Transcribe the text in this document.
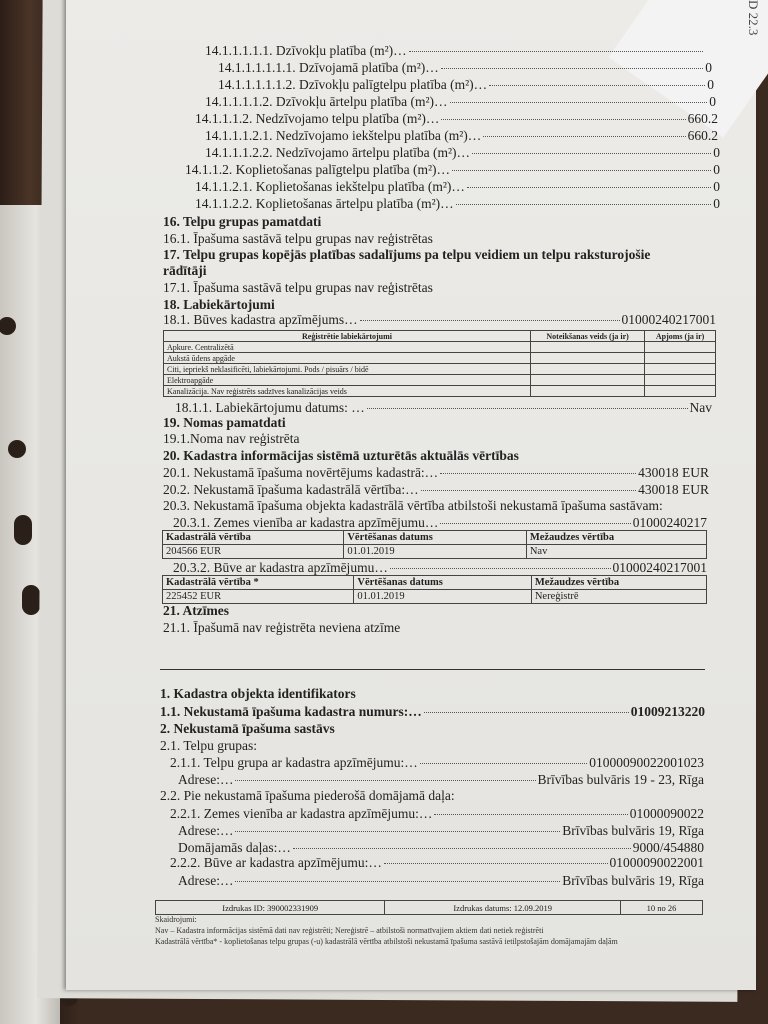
D 22.3
14.1.1.1.1.1. Dzīvokļu platība (m²)…
14.1.1.1.1.1.1. Dzīvojamā platība (m²)…	0
14.1.1.1.1.1.2. Dzīvokļu palīgtelpu platība (m²)…	0
14.1.1.1.1.2. Dzīvokļu ārtelpu platība (m²)…	0
14.1.1.1.2. Nedzīvojamo telpu platība (m²)…	660.2
14.1.1.1.2.1. Nedzīvojamo iekštelpu platība (m²)…	660.2
14.1.1.1.2.2. Nedzīvojamo ārtelpu platība (m²)…	0
14.1.1.2. Koplietošanas palīgtelpu platība (m²)…	0
14.1.1.2.1. Koplietošanas iekštelpu platība (m²)…	0
14.1.1.2.2. Koplietošanas ārtelpu platība (m²)…	0
16. Telpu grupas pamatdati
16.1. Īpašuma sastāvā telpu grupas nav reģistrētas
17. Telpu grupas kopējās platības sadalījums pa telpu veidiem un telpu raksturojošie
rādītāji
17.1. Īpašuma sastāvā telpu grupas nav reģistrētas
18. Labiekārtojumi
18.1. Būves kadastra apzīmējums…	01000240217001
18.1.1. Labiekārtojumu datums: …	Nav
19. Nomas pamatdati
19.1.Noma nav reģistrēta
20. Kadastra informācijas sistēmā uzturētās aktuālās vērtības
20.1. Nekustamā īpašuma novērtējums kadastrā:…	430018 EUR
20.2. Nekustamā īpašuma kadastrālā vērtība:…	430018 EUR
20.3. Nekustamā īpašuma objekta kadastrālā vērtība atbilstoši nekustamā īpašuma sastāvam:
20.3.1. Zemes vienība ar kadastra apzīmējumu…	01000240217
20.3.2. Būve ar kadastra apzīmējumu…	01000240217001
21. Atzīmes
21.1. Īpašumā nav reģistrēta neviena atzīme
1. Kadastra objekta identifikators
1.1. Nekustamā īpašuma kadastra numurs:…	01009213220
2. Nekustamā īpašuma sastāvs
2.1. Telpu grupas:
2.1.1. Telpu grupa ar kadastra apzīmējumu:…	01000090022001023
Adrese:…	Brīvības bulvāris 19 - 23, Rīga
2.2. Pie nekustamā īpašuma piederošā domājamā daļa:
2.2.1. Zemes vienība ar kadastra apzīmējumu:…	01000090022
Adrese:…	Brīvības bulvāris 19, Rīga
Domājamās daļas:…	9000/454880
2.2.2. Būve ar kadastra apzīmējumu:…	01000090022001
Adrese:…	Brīvības bulvāris 19, Rīga
Reģistrētie labiekārtojumi	Noteikšanas veids (ja ir)	Apjoms (ja ir)
Apkure. Centralizētā		
Aukstā ūdens apgāde		
Citi, iepriekš neklasificēti, labiekārtojumi. Pods / pisuārs / bidē		
Elektroapgāde		
Kanalizācija. Nav reģistrēts sadzīves kanalizācijas veids		
Kadastrālā vērtība	Vērtēšanas datums	Mežaudzes vērtība
204566 EUR	01.01.2019	Nav
Kadastrālā vērtība *	Vērtēšanas datums	Mežaudzes vērtība
225452 EUR	01.01.2019	Nereģistrē
Izdrukas ID: 390002331909	Izdrukas datums: 12.09.2019	10 no 26
Skaidrojumi:
Nav – Kadastra informācijas sistēmā dati nav reģistrēti; Nereģistrē – atbilstoši normatīvajiem aktiem dati netiek reģistrēti
Kadastrālā vērtība* - koplietošanas telpu grupas (-u) kadastrālā vērtība atbilstoši nekustamā īpašuma sastāvā ietilpstošajām domājamajām daļām
